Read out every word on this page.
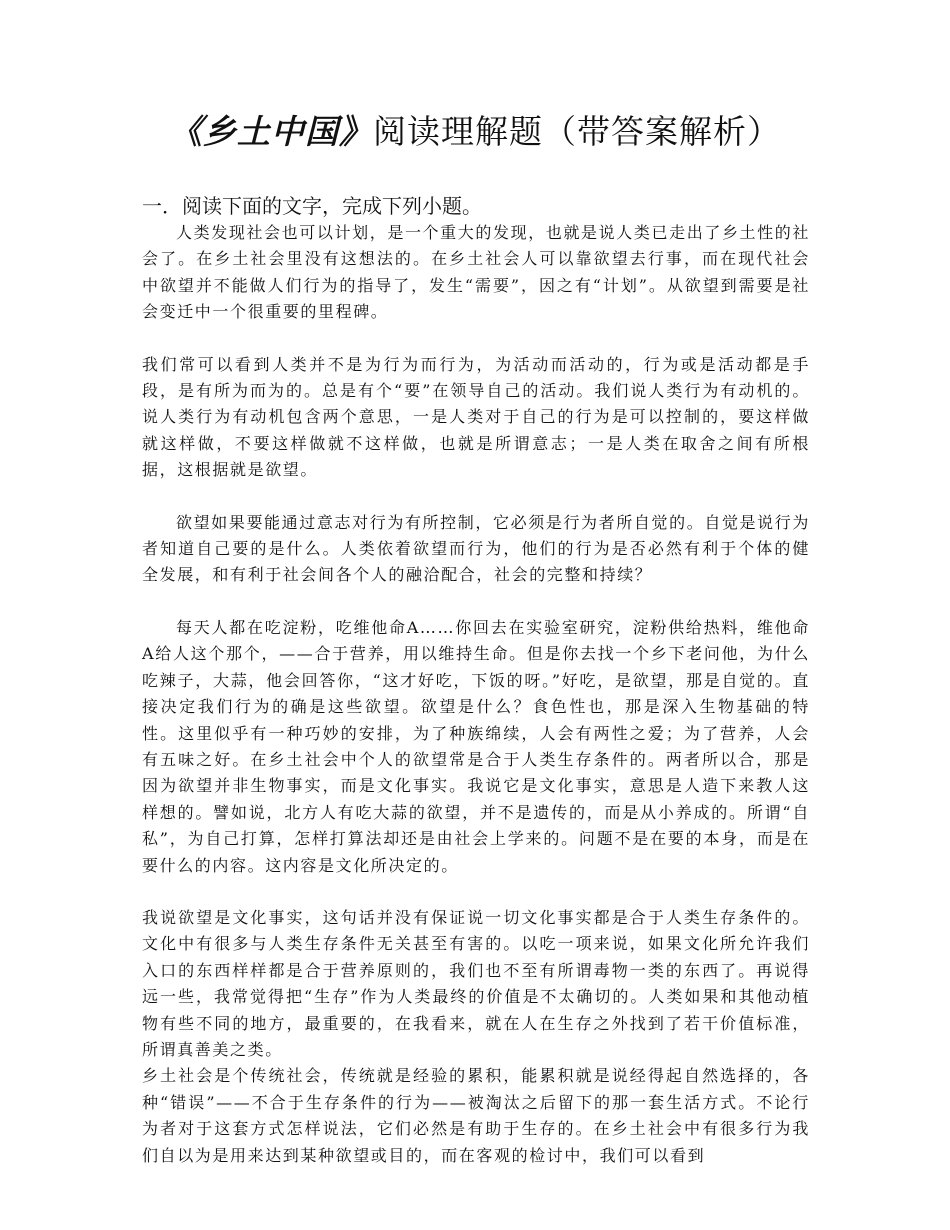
《乡土中国》阅读理解题（带答案解析）
一．阅读下面的文字，完成下列小题。

人类发现社会也可以计划，是一个重大的发现，也就是说人类已走出了乡土性的社会了。在乡土社会里没有这想法的。在乡土社会人可以靠欲望去行事，而在现代社会中欲望并不能做人们行为的指导了，发生“需要”，因之有“计划”。从欲望到需要是社会变迁中一个很重要的里程碑。

我们常可以看到人类并不是为行为而行为，为活动而活动的，行为或是活动都是手段，是有所为而为的。总是有个“要”在领导自己的活动。我们说人类行为有动机的。说人类行为有动机包含两个意思，一是人类对于自己的行为是可以控制的，要这样做就这样做，不要这样做就不这样做，也就是所谓意志；一是人类在取舍之间有所根据，这根据就是欲望。

欲望如果要能通过意志对行为有所控制，它必须是行为者所自觉的。自觉是说行为者知道自己要的是什么。人类依着欲望而行为，他们的行为是否必然有利于个体的健全发展，和有利于社会间各个人的融洽配合，社会的完整和持续？

每天人都在吃淀粉，吃维他命A……你回去在实验室研究，淀粉供给热料，维他命A给人这个那个，——合于营养，用以维持生命。但是你去找一个乡下老问他，为什么吃辣子，大蒜，他会回答你，“这才好吃，下饭的呀。”好吃，是欲望，那是自觉的。直接决定我们行为的确是这些欲望。欲望是什么？食色性也，那是深入生物基础的特性。这里似乎有一种巧妙的安排，为了种族绵续，人会有两性之爱；为了营养，人会有五味之好。在乡土社会中个人的欲望常是合于人类生存条件的。两者所以合，那是因为欲望并非生物事实，而是文化事实。我说它是文化事实，意思是人造下来教人这样想的。譬如说，北方人有吃大蒜的欲望，并不是遗传的，而是从小养成的。所谓“自私”，为自己打算，怎样打算法却还是由社会上学来的。问题不是在要的本身，而是在要什么的内容。这内容是文化所决定的。

我说欲望是文化事实，这句话并没有保证说一切文化事实都是合于人类生存条件的。文化中有很多与人类生存条件无关甚至有害的。以吃一项来说，如果文化所允许我们入口的东西样样都是合于营养原则的，我们也不至有所谓毒物一类的东西了。再说得远一些，我常觉得把“生存”作为人类最终的价值是不太确切的。人类如果和其他动植物有些不同的地方，最重要的，在我看来，就在人在生存之外找到了若干价值标准，所谓真善美之类。

乡土社会是个传统社会，传统就是经验的累积，能累积就是说经得起自然选择的，各种“错误”——不合于生存条件的行为——被淘汰之后留下的那一套生活方式。不论行为者对于这套方式怎样说法，它们必然是有助于生存的。在乡土社会中有很多行为我们自以为是用来达到某种欲望或目的，而在客观的检讨中，我们可以看到
